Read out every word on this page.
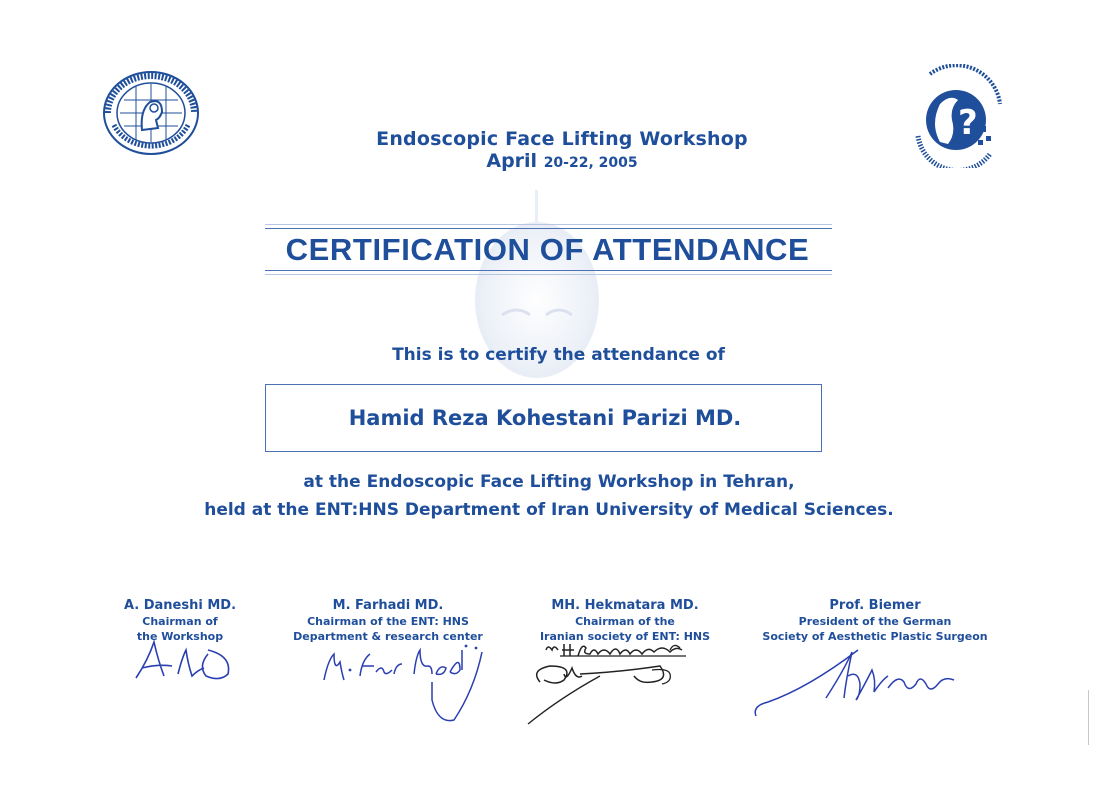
?
Endoscopic Face Lifting Workshop
April 20-22, 2005
CERTIFICATION OF ATTENDANCE
This is to certify the attendance of
Hamid Reza Kohestani Parizi MD.
at the Endoscopic Face Lifting Workshop in Tehran,
held at the ENT:HNS Department of Iran University of Medical Sciences.
A. Daneshi MD.
Chairman of
the Workshop
M. Farhadi MD.
Chairman of the ENT: HNS
Department & research center
MH. Hekmatara MD.
Chairman of the
Iranian society of ENT: HNS
Prof. Biemer
President of the German
Society of Aesthetic Plastic Surgeon
